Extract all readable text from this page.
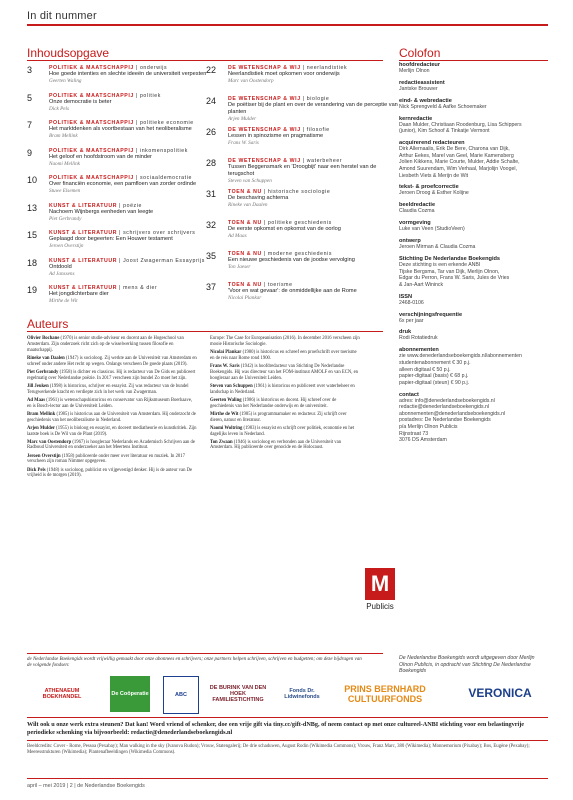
In dit nummer
Inhoudsopgave
3	POLITIEK & MAATSCHAPPIJ | onderwijs
Hoe goede intenties en slechte ideeën de universiteit verpesten
Geerten Waling
5	POLITIEK & MAATSCHAPPIJ | politiek
Onze democratie is beter
Dick Pels
7	POLITIEK & MAATSCHAPPIJ | politieke economie
Het marktdenken als voortbestaan van het neoliberalisme
Bram Mellink
9	POLITIEK & MAATSCHAPPIJ | inkomenspolitiek
Het geloof en hoofdstroom van de minder
Naomi Mellink
10	POLITIEK & MAATSCHAPPIJ | sociaaldemocratie
Over financiën economie, een pamfloen van zorder ordinde
Stuwe Elsemen
13	KUNST & LITERATUUR | poëzie
Nachoem Wijnbergs eenheden van leegte
Piet Gerbrandy
15	KUNST & LITERATUUR | schrijvers over schrijvers
Geplaagd door begeerten: Een Houwer testament
Jeroen Overstijn
18	KUNST & LITERATUUR | Joost Zwagerman Essayprijs
Ontdoold
Ad Janssens
19	KUNST & LITERATUUR | mens & dier
Het jongdichterbare dier
Mirthe de Wit
22	DE WETENSCHAP & WIJ | neerlandistiek
Neerlandistiek moet opkomen voor onderwijs
Marc van Oostendorp
24	DE WETENSCHAP & WIJ | biologie
De poëtiser bij de plant en over de verandering van de perceptie van planten
Arjen Mulder
26	DE WETENSCHAP & WIJ | filosofie
Lessen in spinozisme en pragmatisme
Frans W. Saris
28	DE WETENSCHAP & WIJ | waterbeheer
Tussen Beggensmark en 'Droogbijt' naar een herstel van de terugschot
Steven van Schuppen
31	TOEN & NU | historische sociologie
De beschaving achterna
Rineke van Daalen
32	TOEN & NU | politieke geschiedenis
De eerste opkomst en opkomst van de oorlog
Ad Maas
35	TOEN & NU | moderne geschiedenis
Een nieuwe geschiedenis van de joodse vervolging
Ton Jaeser
37	TOEN & NU | toerisme
'Voor en wat gevaar': de onmiddellijke aan de Rome
Nicolai Plankar
Colofon
hoofdredacteur
Merlijn Olnon
redactieassistent
Jantske Brouwer
eind- & webredactie
Nick Sprengveld & Aafke Schoemaker
kernredactie
Daan Mulder, Christiaan Roodenburg, Lisa Schippers
(junior), Kim Schoof & Tinkatje Vermont
acquirerend redacteuren
Dirk Allernaalis, Erik De Bere, Charona van Dijk,
Arthur Eekes, Marel van Geel, Marie Kamensberg
Jolien Kikkens, Marie Courte, Mulder, Addie Schalte,
Amond Suurendam, Wim Verhaal, Marjolijn Voogel,
Liesbeth Viets & Merijn de Wit
tekst- & proefcorrectie
Jeroen Droog & Esther Kolijne
beeldredactie
Claudia Cozma
vormgeving
Luke van Veen (StudioVeen)
ontwerp
Jeroen Mirman & Claudia Cozma
Stichting De Nederlandse Boekengids
Deze stichting is een erkende ANBI
Tijske Bergsma, Tar van Dijk, Merlijn Olnon,
Edgar du Perron, Frans W. Saris, Jules de Vries
& Jan-Aart Wininck
ISSN
2468-0106
verschijningsfrequentie
6x per jaar
druk
Rodi Rotatiedruk
abonnementen
zie www.denederlandseboekengids.nl/abonnementen
studentenabonnement € 30 p.j.
alleen digitaal € 50 p.j.
papier-digitaal (basis) € 68 p.j.
papier-digitaal (steun) € 90 p.j.
contact
adres: info@denederlandseboekengids.nl
redactie@denederlandseboekengids.nl
abonnementen@denederlandseboekengids.nl
postadres: De Nederlandse Boekengids
p/a Merlijn Olnon Publicis
Rijnstraat 73
3076 DS Amsterdam
De Nederlandse Boekengids wordt uitgegeven door Merlijn Olnon Publicis, in opdracht van Stichting De Nederlandse Boekengids
M
Publicis
Auteurs

Olivier Bochane (1970) is senior studie-adviseur en docent aan de Hogeschool van Amsterdam. Zijn onderzoek richt zich op de wisselwerking tussen filosofie en maatschappij.

Rineke van Daalen (1947) is socioloog. Zij werkte aan de Universiteit van Amsterdam en schreef onder andere Het recht op wegen. Onlangs verscheen De goede plaats (2019).

Piet Gerbrandy (1958) is dichter en classicus. Hij is redacteur van De Gids en publiceert regelmatig over Nederlandse poëzie. In 2017 verscheen zijn bundel Zo moet het zijn.

Jill Jeuken (1998) is historicus, schrijver en essayist. Zij was redacteur van de bundel Terugwerkende kracht en verdiepte zich in het werk van Zwagerman.

Ad Maas (1961) is wetenschapshistoricus en conservator van Rijksmuseum Boerhaave, en is Bosch-lector aan de Universiteit Leiden.

Bram Mellink (1985) is historicus aan de Universiteit van Amsterdam. Hij onderzocht de geschiedenis van het neoliberalisme in Nederland.

Arjen Mulder (1955) is bioloog en essayist, en doceert mediatheorie en kunstkritiek. Zijn laatste boek is De Wil van de Plant (2019).

Marc van Oostendorp (1967) is hoogleraar Nederlands en Academisch Schrijven aan de Radboud Universiteit en onderzoeker aan het Meertens Instituut.

Jeroen Overstijn (1958) publiceerde onder meer over literatuur en muziek. In 2017 verscheen zijn roman Nimmer opgegeven.

Dick Pels (1948) is socioloog, publicist en vrijgevestigd denker. Hij is de auteur van De vrijheid is de morgen (2019).

Europe: The Case for Europeanisation (2016). In december 2016 verscheen zijn mooie Historische Sociologie.

Nicolai Plankar (1980) is historicus en schreef een proefschrift over toerisme en de reis naar Rome rond 1900.

Frans W. Saris (1942) is hoofdredacteur van Stichting De Nederlandse Boekengids. Hij was directeur van het FOM-instituut AMOLF en van ECN, en hoogleraar aan de Universiteit Leiden.

Steven van Schuppen (1961) is historicus en publiceert over waterbeheer en landschap in Nederland.

Geerten Waling (1986) is historicus en docent. Hij schreef over de geschiedenis van het Nederlandse onderwijs en de universiteit.

Mirthe de Wit (1985) is programmamaker en redacteur. Zij schrijft over dieren, natuur en literatuur.

Naomi Woltring (1983) is essayist en schrijft over politiek, economie en het dagelijks leven in Nederland.

Ton Zwaan (1946) is socioloog en verbonden aan de Universiteit van Amsterdam. Hij publiceerde over genocide en de Holocaust.

de Nederlandse Boekengids wordt vrijwillig gemaakt door onze abonnees en schrijvers; onze partners helpen schrijven, schrijven en budgetten; om deze bijdragen van de volgende fondsen:
ATHENAEUM BOEKHANDEL
De Coöperatie	ABC
DE BURINK VAN DEN HOEK FAMILIESTICHTING
Fonds Dr. Lidwinefonds
PRINS BERNHARD CULTUURFONDS	VERONICA
Wilt ook u onze werk extra steunen? Dat kan! Word vriend of schenker, doe een vrije gift via tiny.cc/gift-dNBg, of neem contact op met onze cultureel-ANBI stichting voor een belastingvrije periodieke schenking via bijvoorbeeld: redactie@denederlandseboekengids.nl
Beeldcredits: Cover - Rome, Pessoa (Pexabay); Man walking in the sky (Ivanova Rudon); Vrouw, Statengalerij; De drie schaduwen, August Rodin (Wikimedia Commons); Vrouw, Franz Marc, 380 (Wikimedia); Monnemorium (Pixabay); Bos, Eugène (Pexabay); Meeresstrukturen (Wikimedia); Plantenafbeeldingen (Wikimedia Commons).
april – mei 2019 | 2 | de Nederlandse Boekengids
